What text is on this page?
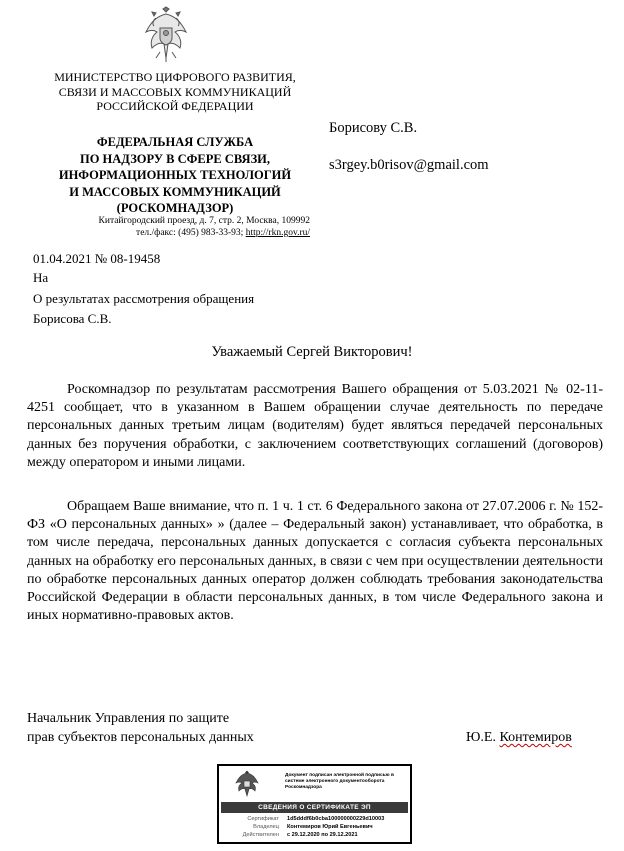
МИНИСТЕРСТВО ЦИФРОВОГО РАЗВИТИЯ,
СВЯЗИ И МАССОВЫХ КОММУНИКАЦИЙ
РОССИЙСКОЙ ФЕДЕРАЦИИ
ФЕДЕРАЛЬНАЯ СЛУЖБА
ПО НАДЗОРУ В СФЕРЕ СВЯЗИ,
ИНФОРМАЦИОННЫХ ТЕХНОЛОГИЙ
И МАССОВЫХ КОММУНИКАЦИЙ
(РОСКОМНАДЗОР)
Китайгородский проезд, д. 7, стр. 2, Москва, 109992
тел./факс: (495) 983-33-93; http://rkn.gov.ru/
Борисову С.В.
s3rgey.b0risov@gmail.com
01.04.2021 № 08-19458
На
О результатах рассмотрения обращения
Борисова С.В.
Уважаемый Сергей Викторович!
Роскомнадзор по результатам рассмотрения Вашего обращения от 5.03.2021 № 02-11-4251 сообщает, что в указанном в Вашем обращении случае деятельность по передаче персональных данных третьим лицам (водителям) будет являться передачей персональных данных без поручения обработки, с заключением соответствующих соглашений (договоров) между оператором и иными лицами.
Обращаем Ваше внимание, что п. 1 ч. 1 ст. 6 Федерального закона от 27.07.2006 г. № 152-ФЗ «О персональных данных» » (далее – Федеральный закон) устанавливает, что обработка, в том числе передача, персональных данных допускается с согласия субъекта персональных данных на обработку его персональных данных, в связи с чем при осуществлении деятельности по обработке персональных данных оператор должен соблюдать требования законодательства Российской Федерации в области персональных данных, в том числе Федерального закона и иных нормативно-правовых актов.
Начальник Управления по защите
прав субъектов персональных данных	Ю.Е. Контемиров
Документ подписан электронной подписью в системе электронного документооборота Роскомнадзора
СВЕДЕНИЯ О СЕРТИФИКАТЕ ЭП
Сертификат 1d5dddf6b0cba100000000229d10003
Владелец Контемиров Юрий Евгеньевич
Действителен с 29.12.2020 по 29.12.2021
